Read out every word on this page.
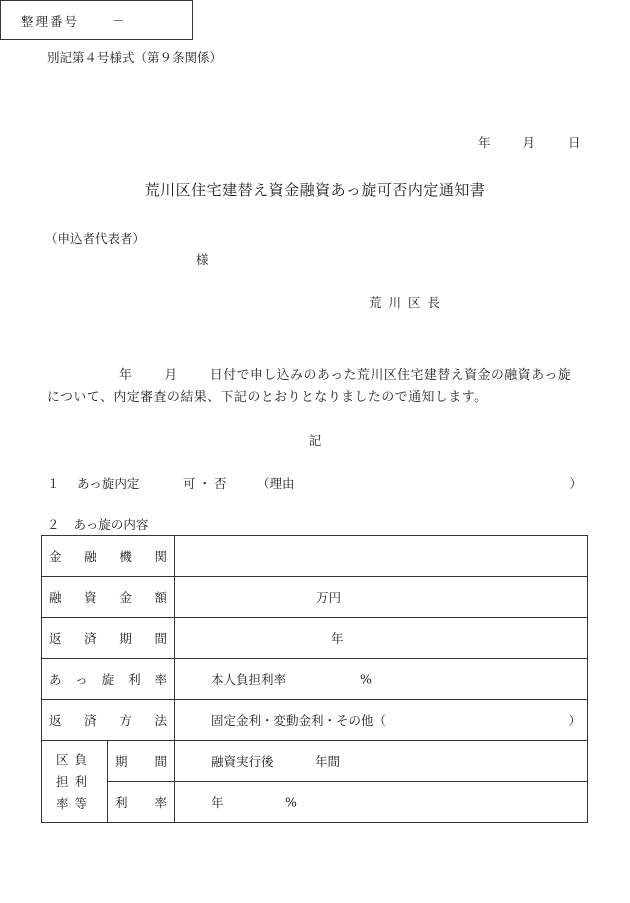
別記第４号様式（第９条関係）
整理番号	－
年	月	日
荒川区住宅建替え資金融資あっ旋可否内定通知書
（申込者代表者）
様
荒川区長
年	月	日付で申し込みのあった荒川区住宅建替え資金の融資あっ旋について、内定審査の結果、下記のとおりとなりましたので通知します。
記
１ あっ旋内定	可・否 （理由	）
２ あっ旋の内容
金融機関		
融資金額		万円

返済期間		年

あっ旋利率		本人負担利率 %

返済方法		固定金利・変動金利・その他（ ）

区負担利率等	期間	融資実行後 年間

	利率	年 %
